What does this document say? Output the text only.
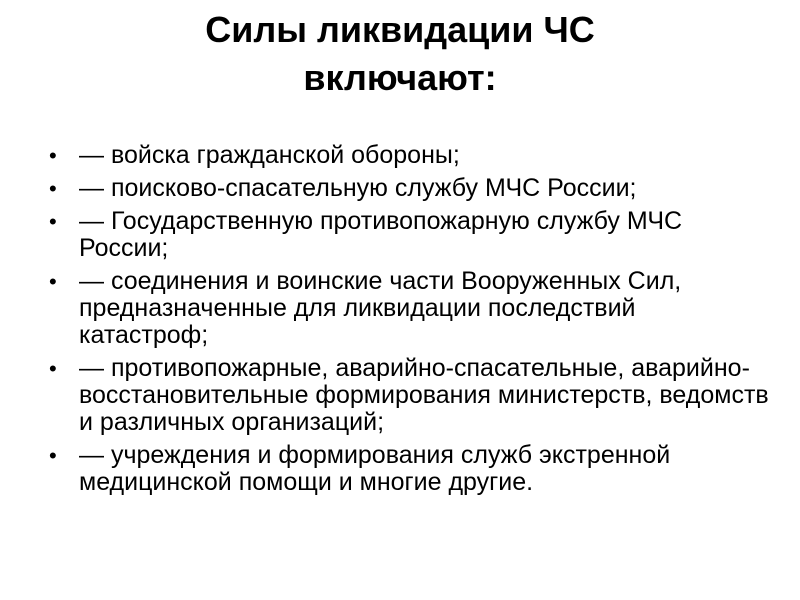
Силы ликвидации ЧС
включают:
• — войска гражданской обороны;
• — поисково-спасательную службу МЧС России;
• — Государственную противопожарную службу МЧС России;
• — соединения и воинские части Вооруженных Сил, предназначенные для ликвидации последствий катастроф;
• — противопожарные, аварийно-спасательные, аварийно-восстановительные формирования министерств, ведомств и различных организаций;
• — учреждения и формирования служб экстренной медицинской помощи и многие другие.
